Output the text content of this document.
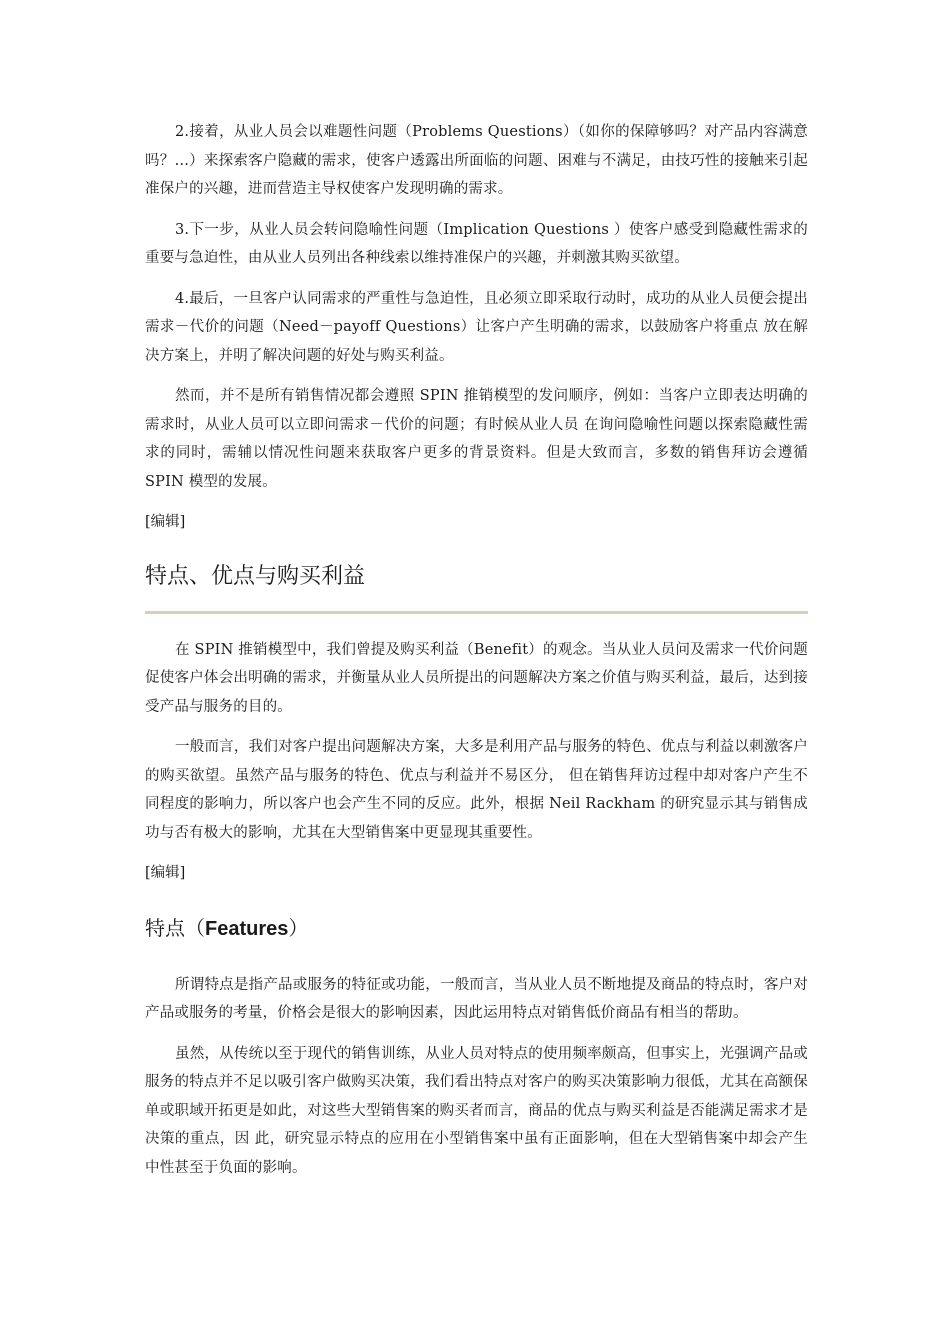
2.接着，从业人员会以难题性问题（Problems Questions）（如你的保障够吗？对产品内容满意吗？…）来探索客户隐藏的需求，使客户透露出所面临的问题、困难与不满足，由技巧性的接触来引起准保户的兴趣，进而营造主导权使客户发现明确的需求。

3.下一步，从业人员会转问隐喻性问题（Implication Questions ）使客户感受到隐藏性需求的重要与急迫性，由从业人员列出各种线索以维持准保户的兴趣，并刺激其购买欲望。

4.最后，一旦客户认同需求的严重性与急迫性，且必须立即采取行动时，成功的从业人员便会提出需求－代价的问题（Need－payoff Questions）让客户产生明确的需求，以鼓励客户将重点 放在解决方案上，并明了解决问题的好处与购买利益。

然而，并不是所有销售情况都会遵照 SPIN 推销模型的发问顺序，例如：当客户立即表达明确的需求时，从业人员可以立即问需求－代价的问题；有时候从业人员 在询问隐喻性问题以探索隐藏性需求的同时，需辅以情况性问题来获取客户更多的背景资料。但是大致而言，多数的销售拜访会遵循 SPIN 模型的发展。

[编辑]
特点、优点与购买利益

在 SPIN 推销模型中，我们曾提及购买利益（Benefit）的观念。当从业人员问及需求一代价问题促使客户体会出明确的需求，并衡量从业人员所提出的问题解决方案之价值与购买利益，最后，达到接受产品与服务的目的。

一般而言，我们对客户提出问题解决方案，大多是利用产品与服务的特色、优点与利益以刺激客户的购买欲望。虽然产品与服务的特色、优点与利益并不易区分， 但在销售拜访过程中却对客户产生不同程度的影响力，所以客户也会产生不同的反应。此外，根据 Neil Rackham 的研究显示其与销售成功与否有极大的影响，尤其在大型销售案中更显现其重要性。

[编辑]
特点（Features）

所谓特点是指产品或服务的特征或功能，一般而言，当从业人员不断地提及商品的特点时，客户对产品或服务的考量，价格会是很大的影响因素，因此运用特点对销售低价商品有相当的帮助。

虽然，从传统以至于现代的销售训练，从业人员对特点的使用频率颇高，但事实上，光强调产品或服务的特点并不足以吸引客户做购买决策，我们看出特点对客户的购买决策影响力很低，尤其在高额保单或职域开拓更是如此，对这些大型销售案的购买者而言，商品的优点与购买利益是否能满足需求才是决策的重点，因 此，研究显示特点的应用在小型销售案中虽有正面影响，但在大型销售案中却会产生中性甚至于负面的影响。
